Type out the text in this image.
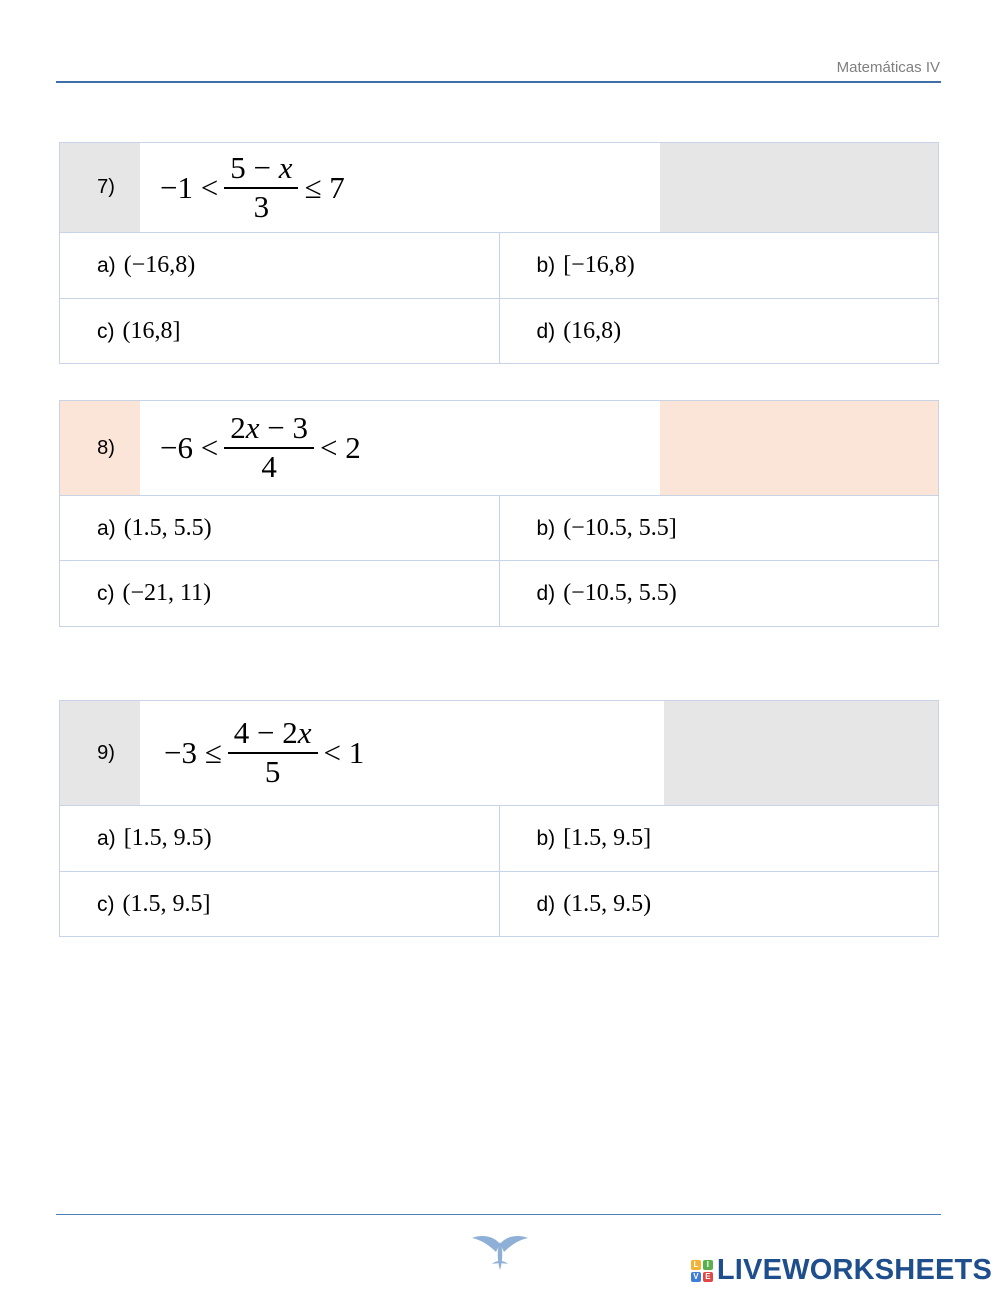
Matemáticas IV
7)	$-1 < \frac{5 - x}{3} \le 7$
a) (−16,8)	b) [−16,8)
c) (16,8]	d) (16,8)
8)	$-6 < \frac{2x - 3}{4} < 2$
a) (1.5, 5.5)	b) (−10.5, 5.5]
c) (−21, 11)	d) (−10.5, 5.5)
9)	$-3 \le \frac{4 - 2x}{5} < 1$
a) [1.5, 9.5)	b) [1.5, 9.5]
c) (1.5, 9.5]	d) (1.5, 9.5)
L	I
V E LIVEWORKSHEETS
